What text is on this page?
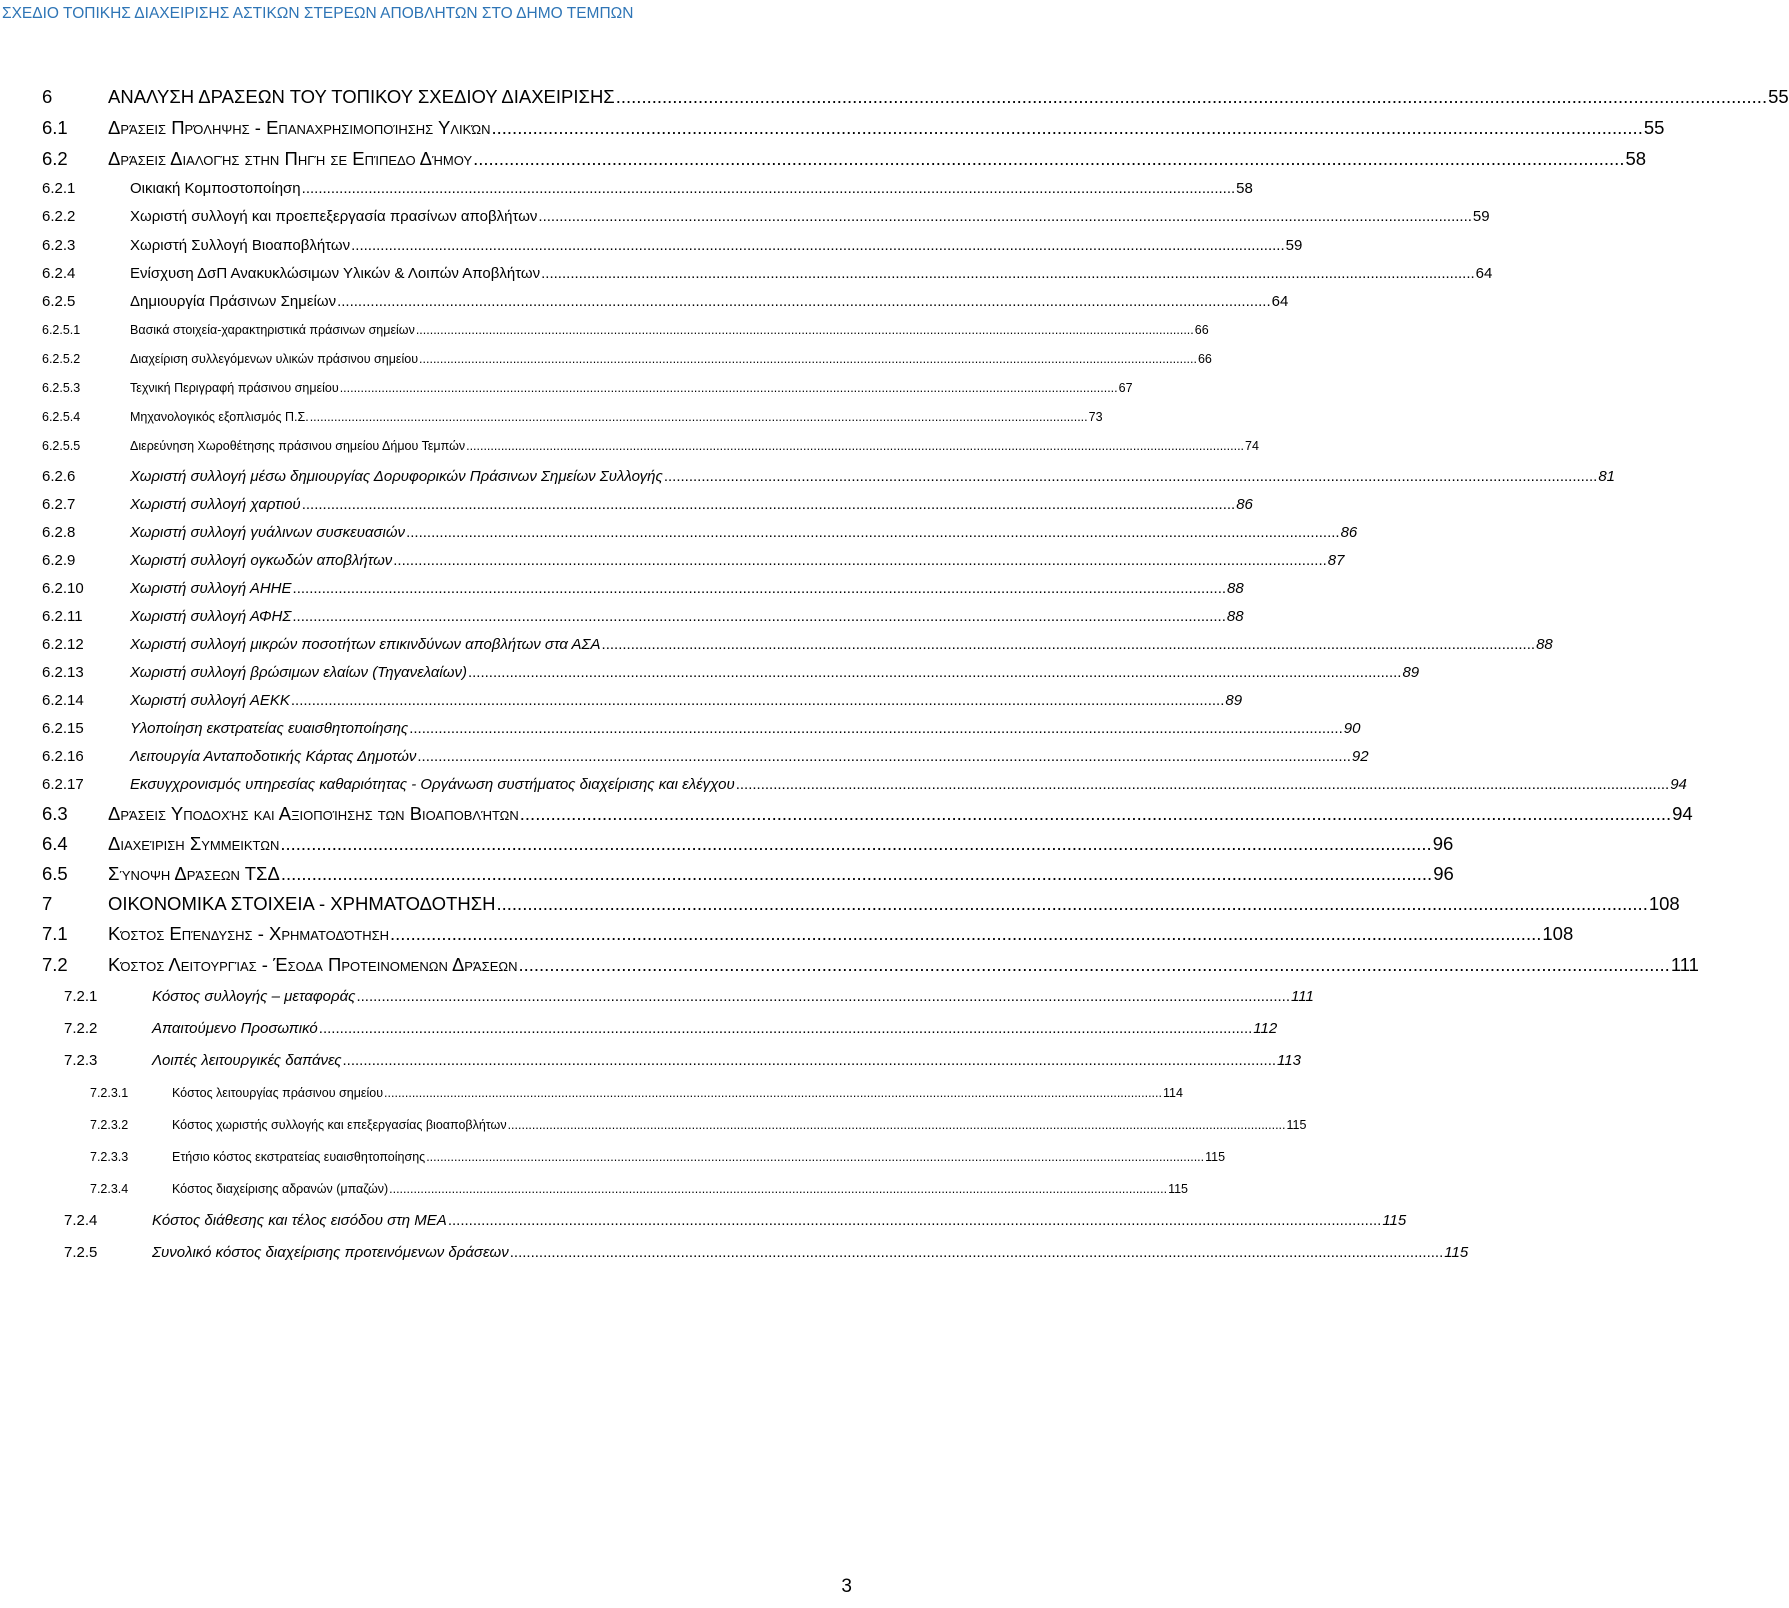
ΣΧΕΔΙΟ ΤΟΠΙΚΗΣ ΔΙΑΧΕΙΡΙΣΗΣ ΑΣΤΙΚΩΝ ΣΤΕΡΕΩΝ ΑΠΟΒΛΗΤΩΝ ΣΤΟ ΔΗΜΟ ΤΕΜΠΩΝ
6	ΑΝΑΛΥΣΗ ΔΡΑΣΕΩΝ ΤΟΥ ΤΟΠΙΚΟΥ ΣΧΕΔΙΟΥ ΔΙΑΧΕΙΡΙΣΗΣ .....	55
6.1	Δράσεις Πρόληψης - Επαναχρησιμοποίησης Υλικών .....	55
6.2	Δράσεις Διαλογής στην Πηγή σε Επίπεδο Δήμου .....	58
6.2.1	Οικιακή Κομποστοποίηση .....	58
6.2.2	Χωριστή συλλογή και προεπεξεργασία πρασίνων αποβλήτων .....	59
6.2.3	Χωριστή Συλλογή Βιοαποβλήτων .....	59
6.2.4	Ενίσχυση ΔσΠ Ανακυκλώσιμων Υλικών & Λοιπών Αποβλήτων .....	64
6.2.5	Δημιουργία Πράσινων Σημείων .....	64
6.2.5.1	Βασικά στοιχεία-χαρακτηριστικά πράσινων σημείων .....	66
6.2.5.2	Διαχείριση συλλεγόμενων υλικών πράσινου σημείου .....	66
6.2.5.3	Τεχνική Περιγραφή πράσινου σημείου .....	67
6.2.5.4	Μηχανολογικός εξοπλισμός Π.Σ. .....	73
6.2.5.5	Διερεύνηση Χωροθέτησης πράσινου σημείου Δήμου Τεμπών .....	74
6.2.6	Χωριστή συλλογή μέσω δημιουργίας Δορυφορικών Πράσινων Σημείων Συλλογής .....	81
6.2.7	Χωριστή συλλογή χαρτιού .....	86
6.2.8	Χωριστή συλλογή γυάλινων συσκευασιών .....	86
6.2.9	Χωριστή συλλογή ογκωδών αποβλήτων .....	87
6.2.10	Χωριστή συλλογή ΑΗΗΕ .....	88
6.2.11	Χωριστή συλλογή ΑΦΗΣ .....	88
6.2.12	Χωριστή συλλογή μικρών ποσοτήτων επικινδύνων αποβλήτων στα ΑΣΑ .....	88
6.2.13	Χωριστή συλλογή βρώσιμων ελαίων (Τηγανελαίων) .....	89
6.2.14	Χωριστή συλλογή ΑΕΚΚ .....	89
6.2.15	Υλοποίηση εκστρατείας ευαισθητοποίησης .....	90
6.2.16	Λειτουργία Ανταποδοτικής Κάρτας Δημοτών .....	92
6.2.17	Εκσυγχρονισμός υπηρεσίας καθαριότητας - Οργάνωση συστήματος διαχείρισης και ελέγχου .....	94
6.3	Δράσεις Υποδοχής και Αξιοποίησης των Βιοαποβλήτων .....	94
6.4	Διαχείριση Συμμεικτων .....	96
6.5	Σύνοψη Δράσεων ΤΣΔ .....	96
7	ΟΙΚΟΝΟΜΙΚΑ ΣΤΟΙΧΕΙΑ - ΧΡΗΜΑΤΟΔΟΤΗΣΗ .....	108
7.1	Κόστος Επένδυσης - Χρηματοδότηση .....	108
7.2	Κόστος Λειτουργίας - Έσοδα Προτεινομενων Δράσεων .....	111
7.2.1	Κόστος συλλογής – μεταφοράς .....	111
7.2.2	Απαιτούμενο Προσωπικό .....	112
7.2.3	Λοιπές λειτουργικές δαπάνες .....	113
7.2.3.1	Κόστος λειτουργίας πράσινου σημείου .....	114
7.2.3.2	Κόστος χωριστής συλλογής και επεξεργασίας βιοαποβλήτων .....	115
7.2.3.3	Ετήσιο κόστος εκστρατείας ευαισθητοποίησης .....	115
7.2.3.4	Κόστος διαχείρισης αδρανών (μπαζών) .....	115
7.2.4	Κόστος διάθεσης και τέλος εισόδου στη ΜΕΑ .....	115
7.2.5	Συνολικό κόστος διαχείρισης προτεινόμενων δράσεων .....	115
3
